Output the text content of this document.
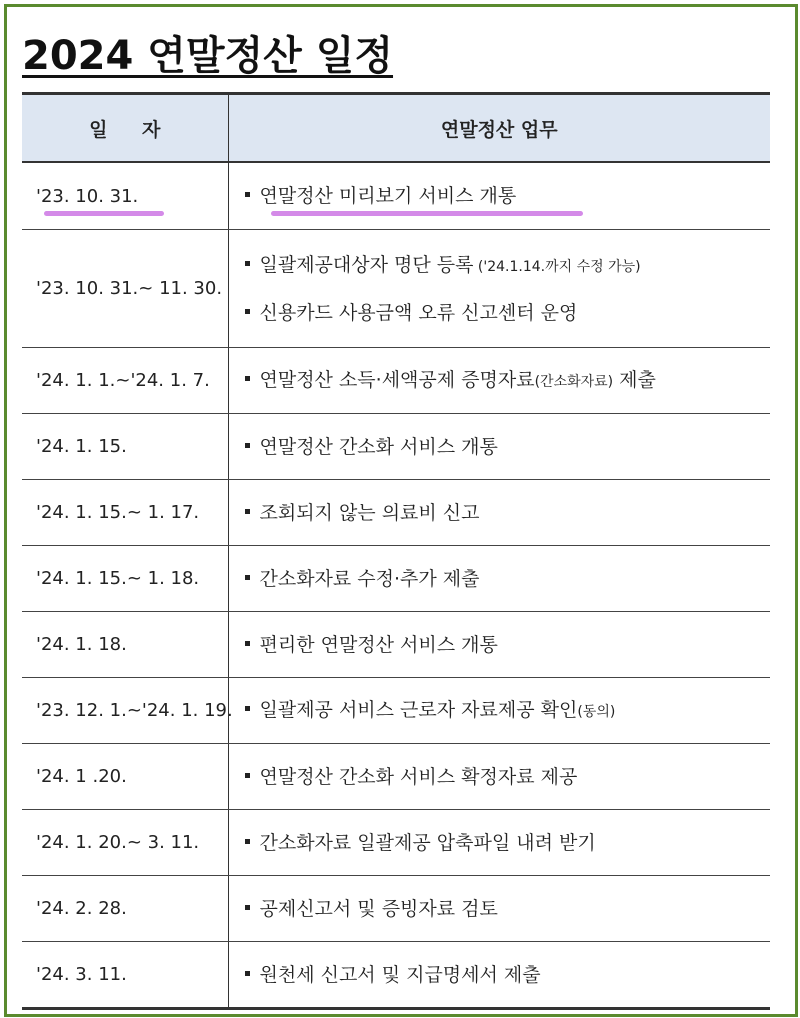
2024 연말정산 일정
일 자	연말정산 업무

'23. 10. 31.	연말정산 미리보기 서비스 개통

'23. 10. 31.~ 11. 30.	일괄제공대상자 명단 등록 ('24.1.14.까지 수정 가능)
신용카드 사용금액 오류 신고센터 운영

'24. 1. 1.~'24. 1. 7.	연말정산 소득·세액공제 증명자료(간소화자료) 제출

'24. 1. 15.	연말정산 간소화 서비스 개통

'24. 1. 15.~ 1. 17.	조회되지 않는 의료비 신고

'24. 1. 15.~ 1. 18.	간소화자료 수정·추가 제출

'24. 1. 18.	편리한 연말정산 서비스 개통

'23. 12. 1.~'24. 1. 19.	일괄제공 서비스 근로자 자료제공 확인(동의)

'24. 1 .20.	연말정산 간소화 서비스 확정자료 제공

'24. 1. 20.~ 3. 11.	간소화자료 일괄제공 압축파일 내려 받기

'24. 2. 28.	공제신고서 및 증빙자료 검토

'24. 3. 11.	원천세 신고서 및 지급명세서 제출
